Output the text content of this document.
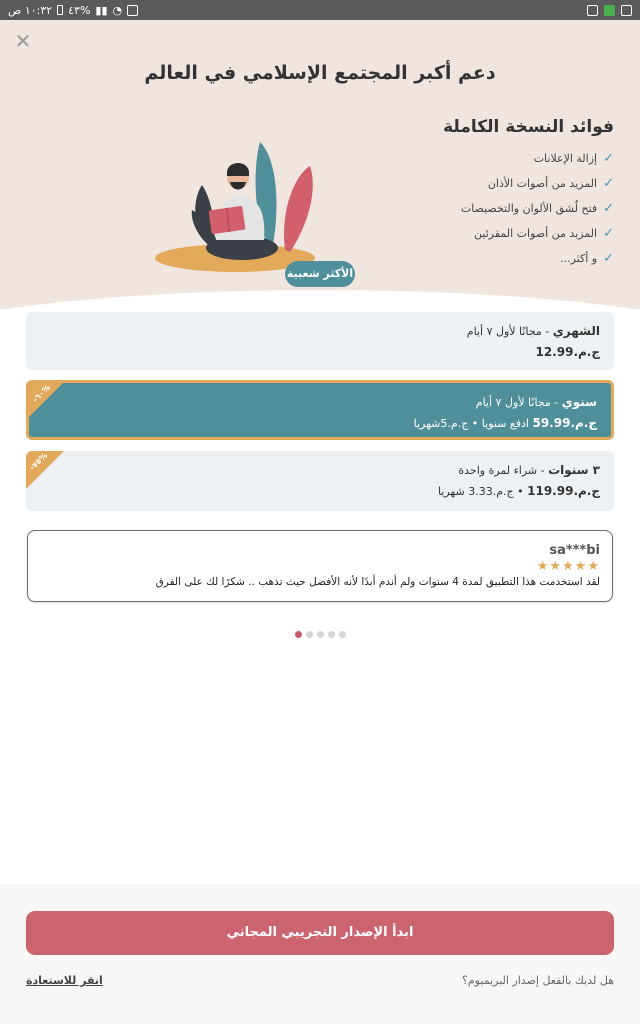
١٠:٣٢ ص ٤٣% ▮▮ ◔
✕
دعم أكبر المجتمع الإسلامي في العالم
فوائد النسخة الكاملة
✓
إزالة الإعلانات
✓
المزيد من أصوات الأذان
✓
فتح لُشق الألوان والتخصيصات
✓
المزيد من أصوات المقرئين
✓
و أكثر...
الأكثر شعبية
الشهري - مجانًا لأول ٧ أيام
ج.م.12.99
-٦٠%
سنوي - مجانًا لأول ٧ أيام
ج.م.59.99 ادفع سنويا • ج.م.5شهريا
-٧٥%
٣ سنوات - شراء لمرة واحدة
ج.م.119.99 • ج.م.3.33 شهريا
sa***bi
★★★★★
لقد استخدمت هذا التطبيق لمدة 4 سنوات ولم أندم أبدًا لأنه الأفضل حيث تذهب .. شكرًا لك على الفرق
ابدأ الإصدار التجريبي المجاني
هل لديك بالفعل إصدار البريميوم؟
انقر للاستعادة
